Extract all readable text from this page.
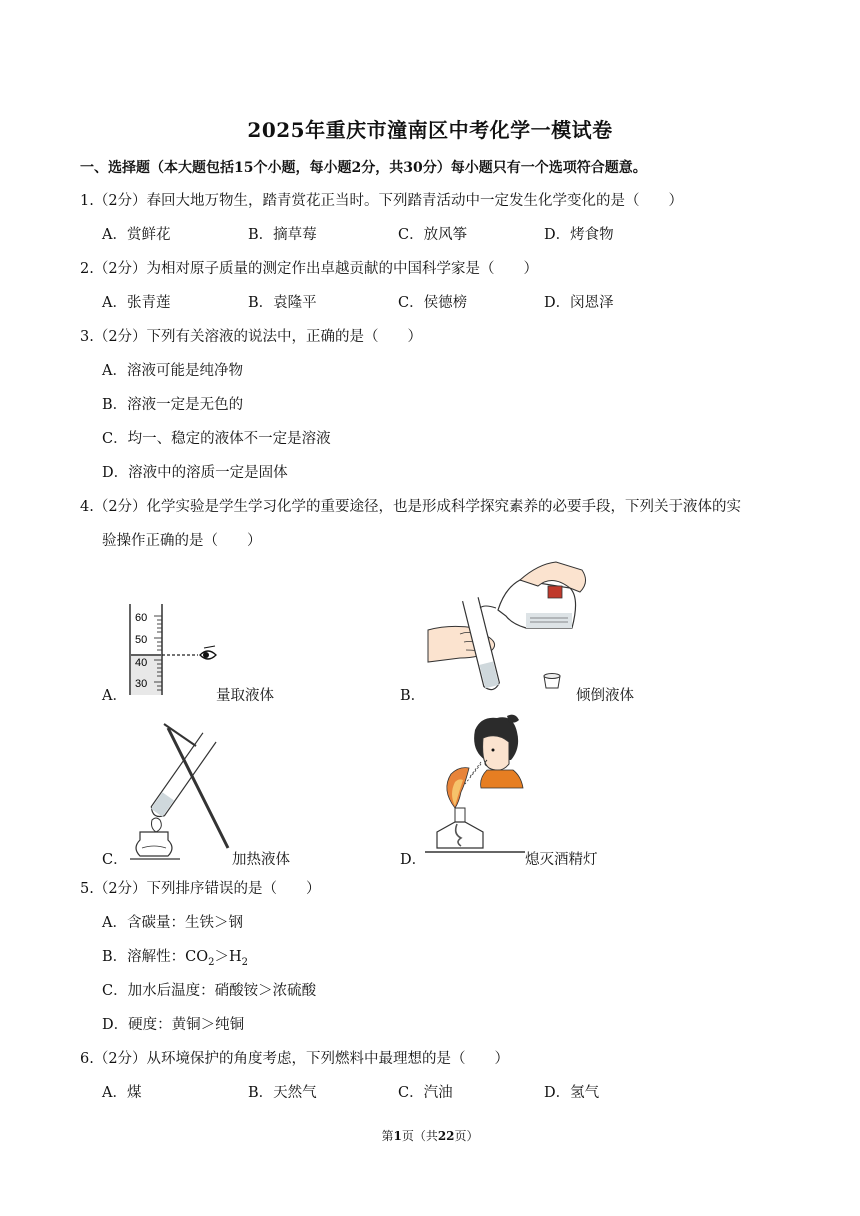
2025年重庆市潼南区中考化学一模试卷
一、选择题（本大题包括15个小题，每小题2分，共30分）每小题只有一个选项符合题意。
1.（2分）春回大地万物生，踏青赏花正当时。下列踏青活动中一定发生化学变化的是（　　）
A．赏鲜花	B．摘草莓	C．放风筝	D．烤食物
2.（2分）为相对原子质量的测定作出卓越贡献的中国科学家是（　　）
A．张青莲	B．袁隆平	C．侯德榜	D．闵恩泽
3.（2分）下列有关溶液的说法中，正确的是（　　）
A．溶液可能是纯净物
B．溶液一定是无色的
C．均一、稳定的液体不一定是溶液
D．溶液中的溶质一定是固体
4.（2分）化学实验是学生学习化学的重要途径，也是形成科学探究素养的必要手段，下列关于液体的实
验操作正确的是（　　）
60
50
40
30
A．	量取液体	B．	倾倒液体
C．	加热液体	D．	熄灭酒精灯
5.（2分）下列排序错误的是（　　）
A．含碳量：生铁＞钢
B．溶解性：$CO_2>H_2$
C．加水后温度：硝酸铵＞浓硫酸
D．硬度：黄铜＞纯铜
6.（2分）从环境保护的角度考虑，下列燃料中最理想的是（　　）
A．煤	B．天然气	C．汽油	D．氢气
第1页（共22页）
